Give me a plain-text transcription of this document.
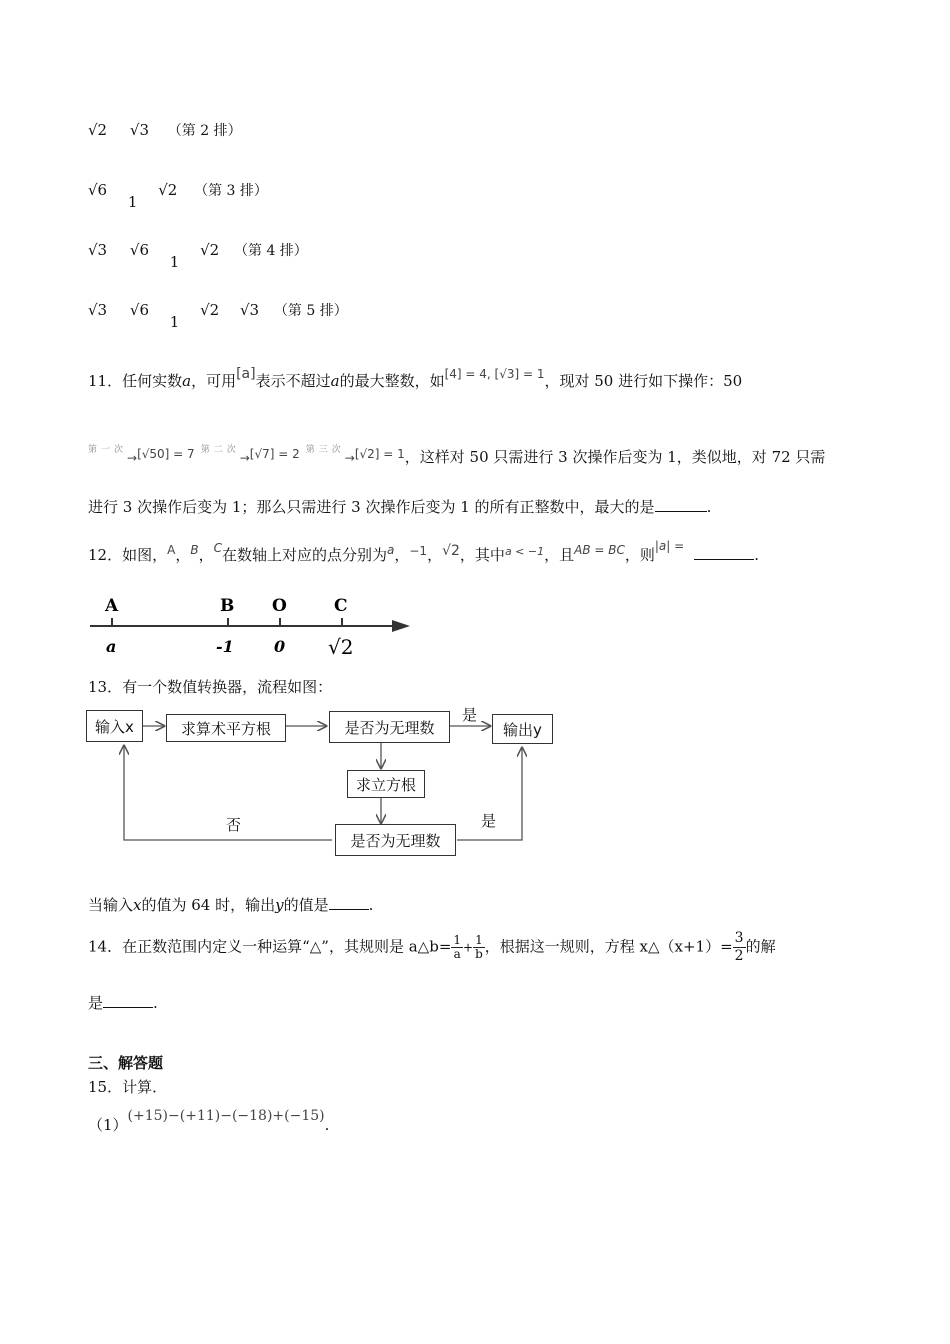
√2 √3 （第 2 排）
√6 1 √2 （第 3 排）
√3 √6 1 √2 （第 4 排）
√3 √6 1 √2 √3 （第 5 排）
11．任何实数a，可用[a]表示不超过a的最大整数，如$^{[4] = 4, [√3] = 1}$，现对 50 进行如下操作：50
$^{第一次}$→$^{[√50] = 7}$ $^{第二次}$→$^{[√7] = 2}$ $^{第三次}$→$^{[√2] = 1}$，这样对 50 只需进行 3 次操作后变为 1，类似地，对 72 只需
进行 3 次操作后变为 1；那么只需进行 3 次操作后变为 1 的所有正整数中，最大的是	.
12．如图，$^A$，$^B$，$^C$在数轴上对应的点分别为$^a$，$^{-1}$，√2，其中$^{a < -1}$，且$^{AB = BC}$，则$^{|a| =}$	.
A	B O	C
a	-1	0 √2
13．有一个数值转换器，流程如图：
输入x	求算术平方根	是否为无理数	输出y
求立方根
是否为无理数
是
是
否
当输入x的值为 64 时，输出y的值是	.
14．在正数范围内定义一种运算“△”，其规则是 a△b= $\frac{1}{a} + \frac{1}{b}$ ，根据这一规则，方程 x△（x+1）= $\frac{3}{2}$ 的解
是	.
三、解答题
15．计算．
（1）(+15)−(+11)−(−18)+(−15).
